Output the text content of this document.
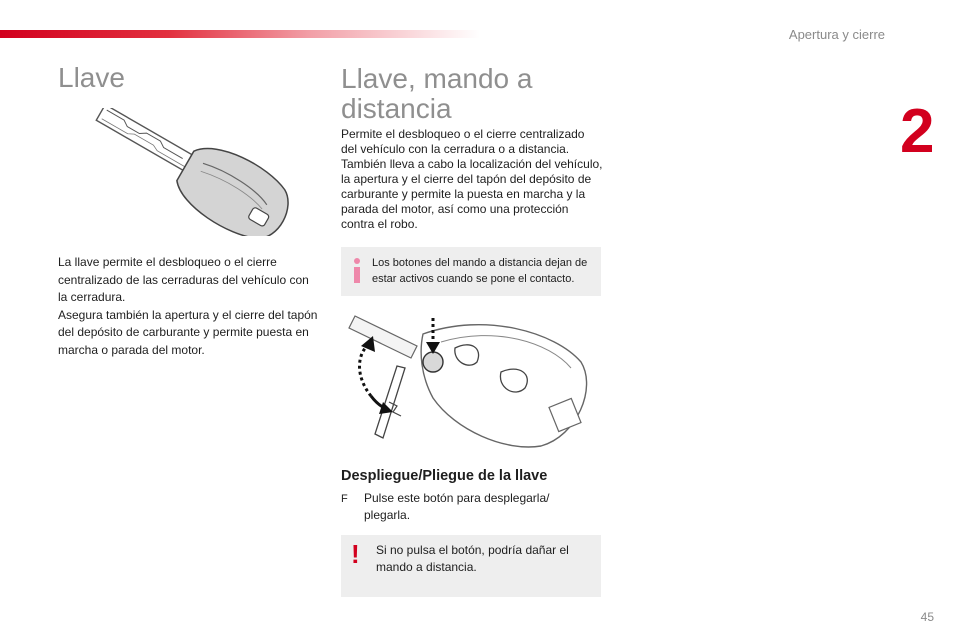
Apertura y cierre
2
Llave

La llave permite el desbloqueo o el cierre centralizado de las cerraduras del vehículo con la cerradura.
Asegura también la apertura y el cierre del tapón del depósito de carburante y permite puesta en marcha o parada del motor.

Llave, mando a distancia

Permite el desbloqueo o el cierre centralizado del vehículo con la cerradura o a distancia.
También lleva a cabo la localización del vehículo, la apertura y el cierre del tapón del depósito de carburante y permite la puesta en marcha y la parada del motor, así como una protección contra el robo.

Los botones del mando a distancia dejan de estar activos cuando se pone el contacto.

Despliegue/Pliegue de la llave
F Pulse este botón para desplegarla/ plegarla.

! Si no pulsa el botón, podría dañar el mando a distancia.

45
